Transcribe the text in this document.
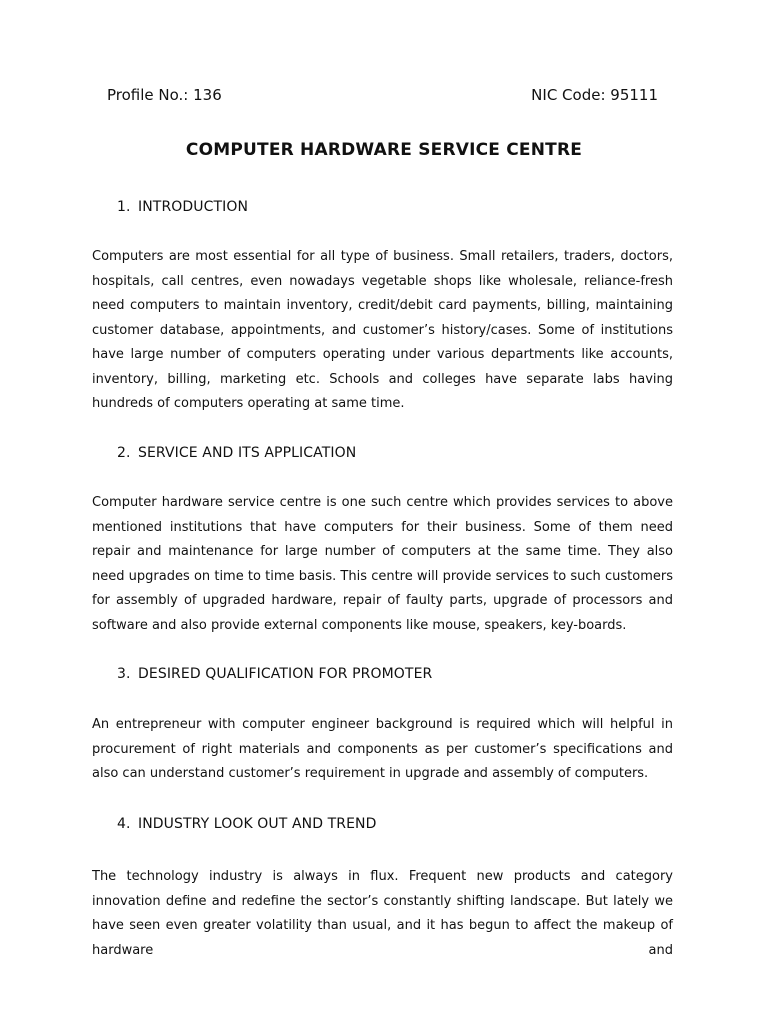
Profile No.: 136	NIC Code: 95111
COMPUTER HARDWARE SERVICE CENTRE
1. INTRODUCTION

Computers are most essential for all type of business. Small retailers, traders, doctors, hospitals, call centres, even nowadays vegetable shops like wholesale, reliance-fresh need computers to maintain inventory, credit/debit card payments, billing, maintaining customer database, appointments, and customer’s history/cases. Some of institutions have large number of computers operating under various departments like accounts, inventory, billing, marketing etc. Schools and colleges have separate labs having hundreds of computers operating at same time.

2. SERVICE AND ITS APPLICATION

Computer hardware service centre is one such centre which provides services to above mentioned institutions that have computers for their business. Some of them need repair and maintenance for large number of computers at the same time. They also need upgrades on time to time basis. This centre will provide services to such customers for assembly of upgraded hardware, repair of faulty parts, upgrade of processors and software and also provide external components like mouse, speakers, key-boards.

3. DESIRED QUALIFICATION FOR PROMOTER

An entrepreneur with computer engineer background is required which will helpful in procurement of right materials and components as per customer’s specifications and also can understand customer’s requirement in upgrade and assembly of computers.

4. INDUSTRY LOOK OUT AND TREND

The technology industry is always in flux. Frequent new products and category innovation define and redefine the sector’s constantly shifting landscape. But lately we have seen even greater volatility than usual, and it has begun to affect the makeup of hardware and
